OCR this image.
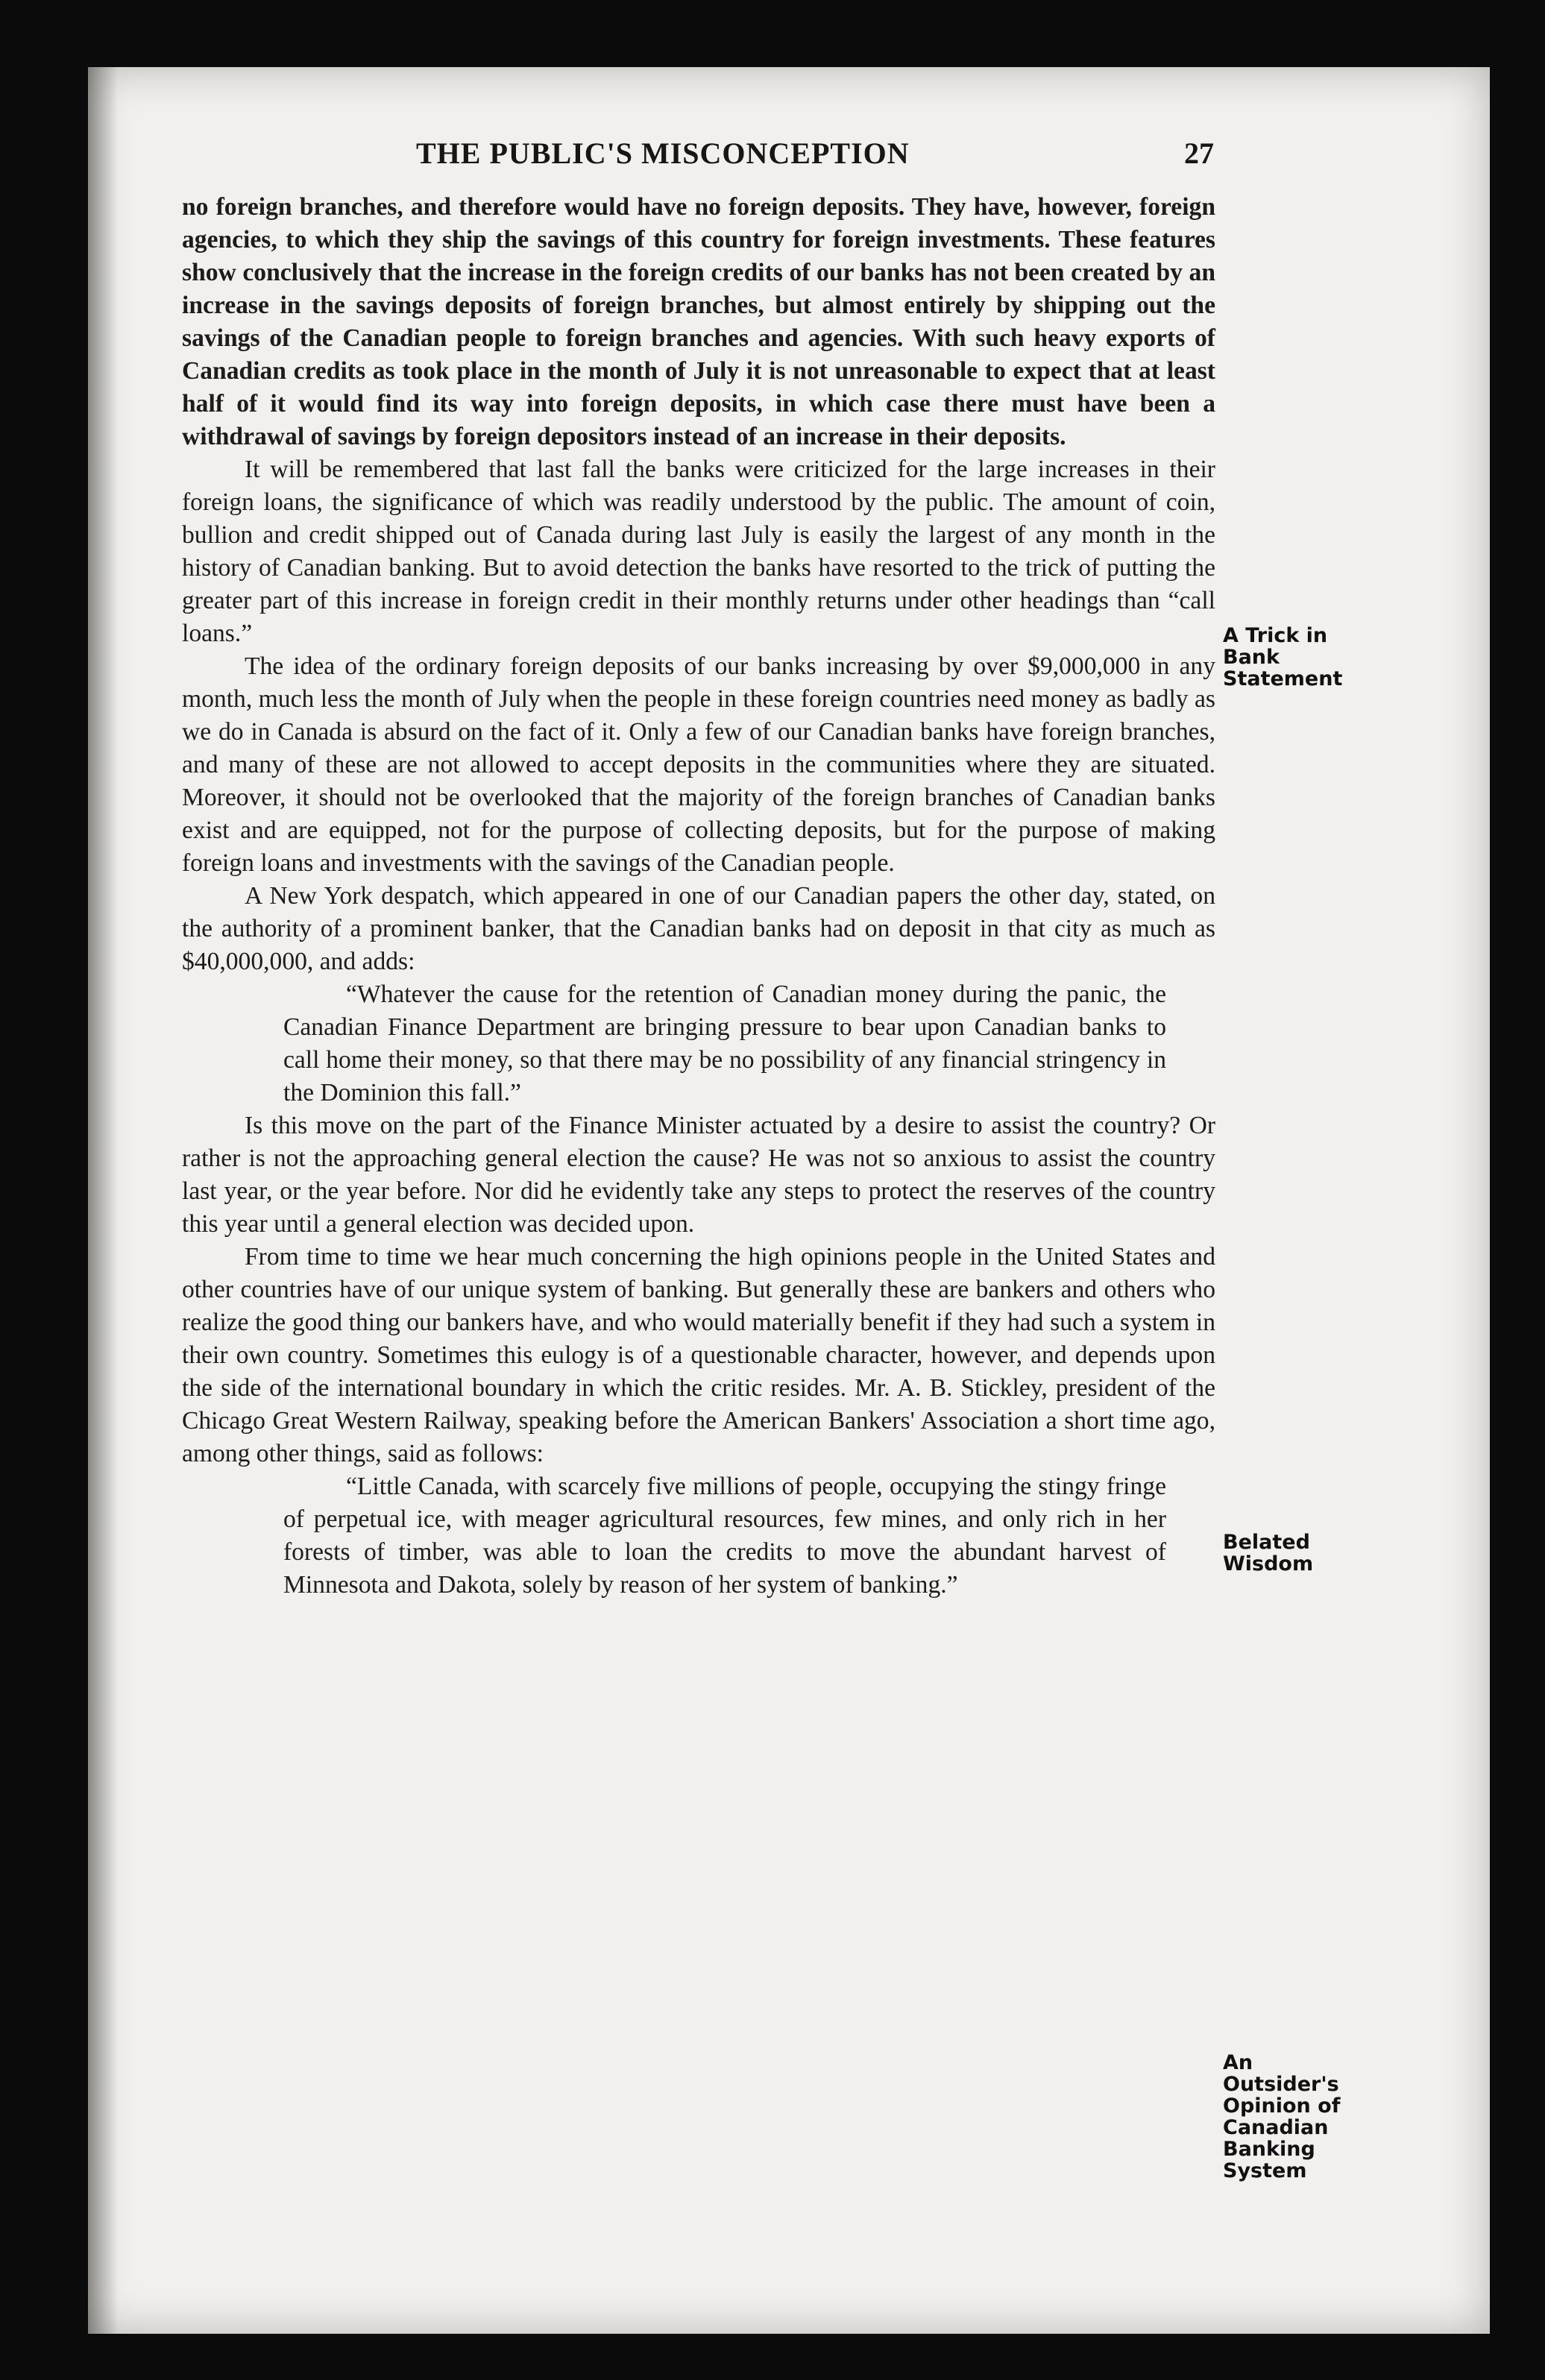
THE PUBLIC'S MISCONCEPTION	27

no foreign branches, and therefore would have no foreign deposits. They have, however, foreign agencies, to which they ship the savings of this country for foreign investments. These features show conclusively that the increase in the foreign credits of our banks has not been created by an increase in the savings deposits of foreign branches, but almost entirely by shipping out the savings of the Canadian people to foreign branches and agencies. With such heavy exports of Canadian credits as took place in the month of July it is not unreasonable to expect that at least half of it would find its way into foreign deposits, in which case there must have been a withdrawal of savings by foreign depositors instead of an increase in their deposits.

It will be remembered that last fall the banks were criticized for the large increases in their foreign loans, the significance of which was readily understood by the public. The amount of coin, bullion and credit shipped out of Canada during last July is easily the largest of any month in the history of Canadian banking. But to avoid detection the banks have resorted to the trick of putting the greater part of this increase in foreign credit in their monthly returns under other headings than “call loans.”

The idea of the ordinary foreign deposits of our banks increasing by over $9,000,000 in any month, much less the month of July when the people in these foreign countries need money as badly as we do in Canada is absurd on the fact of it. Only a few of our Canadian banks have foreign branches, and many of these are not allowed to accept deposits in the communities where they are situated. Moreover, it should not be overlooked that the majority of the foreign branches of Canadian banks exist and are equipped, not for the purpose of collecting deposits, but for the purpose of making foreign loans and investments with the savings of the Canadian people.

A New York despatch, which appeared in one of our Canadian papers the other day, stated, on the authority of a prominent banker, that the Canadian banks had on deposit in that city as much as $40,000,000, and adds:

“Whatever the cause for the retention of Canadian money during the panic, the Canadian Finance Department are bringing pressure to bear upon Canadian banks to call home their money, so that there may be no possibility of any financial stringency in the Dominion this fall.”

Is this move on the part of the Finance Minister actuated by a desire to assist the country? Or rather is not the approaching general election the cause? He was not so anxious to assist the country last year, or the year before. Nor did he evidently take any steps to protect the reserves of the country this year until a general election was decided upon.

From time to time we hear much concerning the high opinions people in the United States and other countries have of our unique system of banking. But generally these are bankers and others who realize the good thing our bankers have, and who would materially benefit if they had such a system in their own country. Sometimes this eulogy is of a questionable character, however, and depends upon the side of the international boundary in which the critic resides. Mr. A. B. Stickley, president of the Chicago Great Western Railway, speaking before the American Bankers' Association a short time ago, among other things, said as follows:

“Little Canada, with scarcely five millions of people, occupying the stingy fringe of perpetual ice, with meager agricultural resources, few mines, and only rich in her forests of timber, was able to loan the credits to move the abundant harvest of Minnesota and Dakota, solely by reason of her system of banking.”

A Trick in
Bank
Statement
Belated
Wisdom
An
Outsider's
Opinion of
Canadian
Banking
System
